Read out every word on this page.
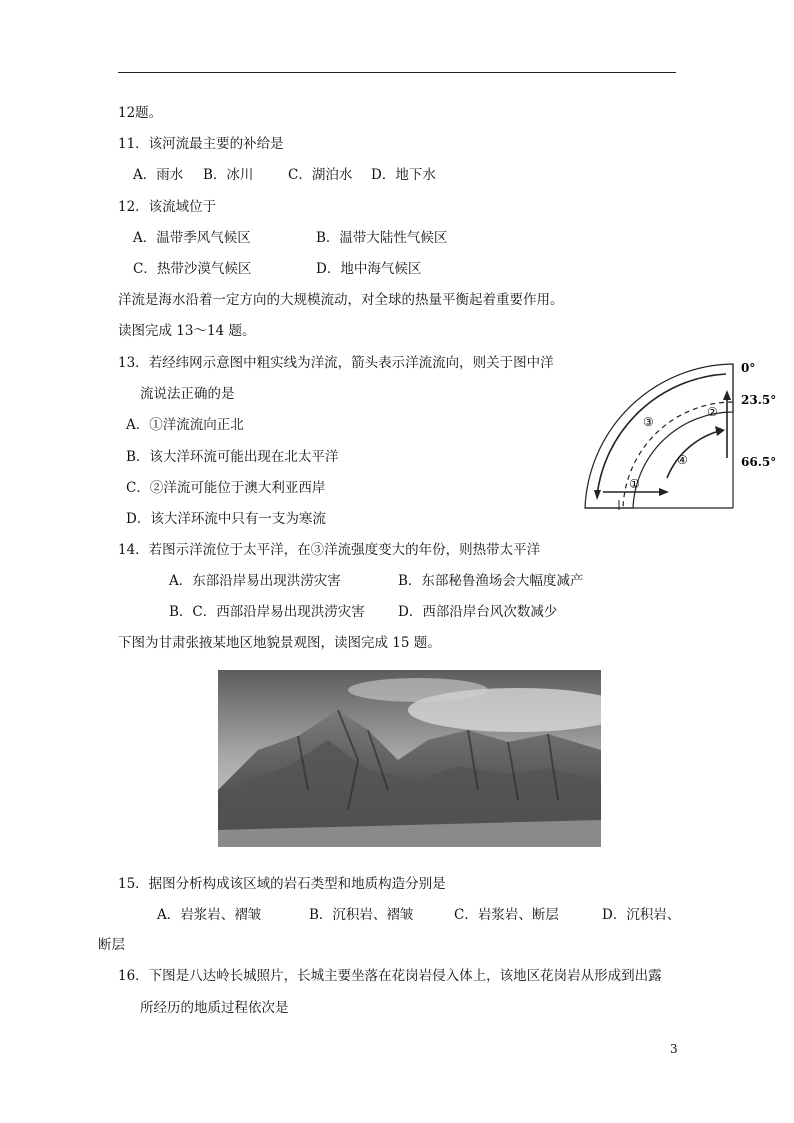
12题。
11．该河流最主要的补给是
A．雨水 B．冰川	C．湖泊水 D．地下水
12．该流域位于
A．温带季风气候区	B．温带大陆性气候区
C．热带沙漠气候区	D．地中海气候区
洋流是海水沿着一定方向的大规模流动，对全球的热量平衡起着重要作用。
读图完成 13～14 题。
13．若经纬网示意图中粗实线为洋流，箭头表示洋流流向，则关于图中洋
流说法正确的是
A．①洋流流向正北
B．该大洋环流可能出现在北太平洋
C．②洋流可能位于澳大利亚西岸
D．该大洋环流中只有一支为寒流
0°
23.5°
66.5°
①
②
③
④
14．若图示洋流位于太平洋，在③洋流强度变大的年份，则热带太平洋
A．东部沿岸易出现洪涝灾害	B．东部秘鲁渔场会大幅度减产
B．C．西部沿岸易出现洪涝灾害 D．西部沿岸台风次数减少
下图为甘肃张掖某地区地貌景观图，读图完成 15 题。
15．据图分析构成该区域的岩石类型和地质构造分别是
A．岩浆岩、褶皱	B．沉积岩、褶皱	C．岩浆岩、断层	D．沉积岩、
断层
16．下图是八达岭长城照片，长城主要坐落在花岗岩侵入体上，该地区花岗岩从形成到出露
所经历的地质过程依次是
3
